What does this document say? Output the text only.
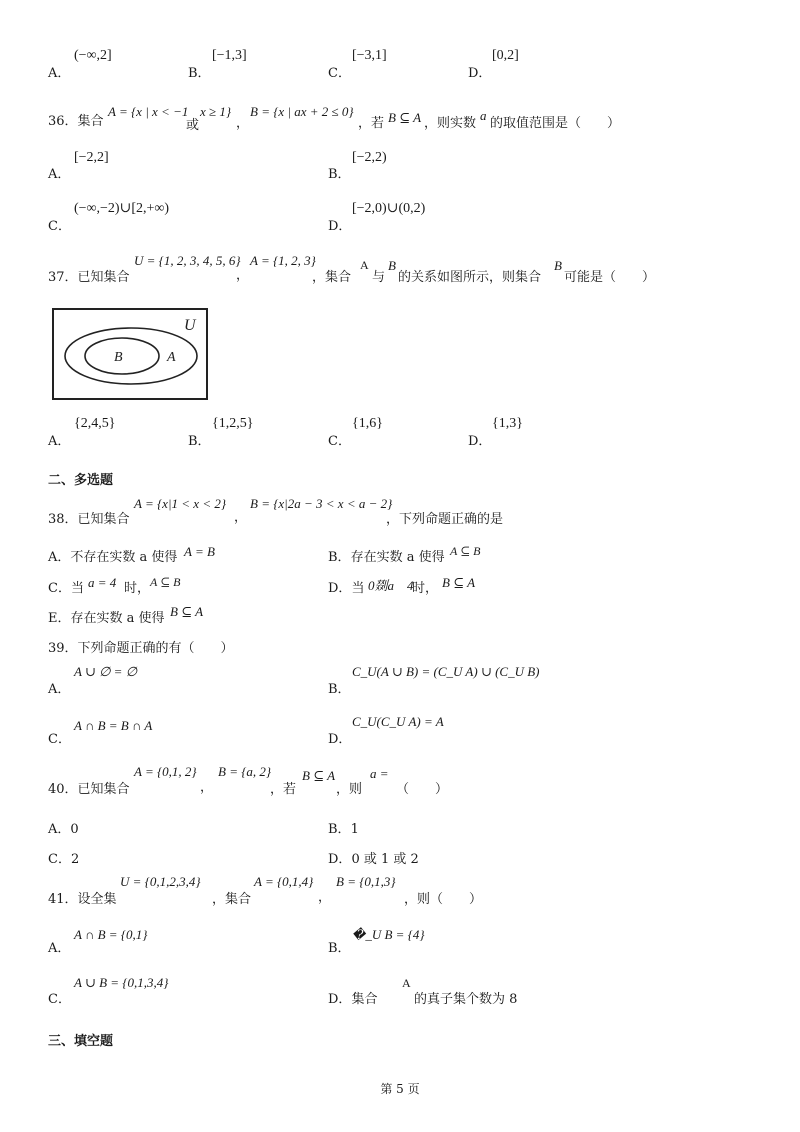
A．
(−∞,2]
B．
[−1,3]
C．
[−3,1]
D．
[0,2]
36．集合
A = {x | x < −1
或
x ≥ 1}
，
B = {x | ax + 2 ≤ 0}
，若 B ⊆ A ，则实数
a
的取值范围是（　　）
A．
[−2,2]
B．
[−2,2)
C．
(−∞,−2)∪[2,+∞)
D．
[−2,0)∪(0,2)
37．已知集合
U = {1, 2, 3, 4, 5, 6}
，
A = {1, 2, 3}
，集合
A
与
B
的关系如图所示，则集合
B
可能是（　　）
U
A
B
A．
{2,4,5}
B．
{1,2,5}
C．
{1,6}
D．
{1,3}
二、多选题
38．已知集合
A = {x|1 < x < 2}
，
B = {x|2a − 3 < x < a − 2}
，下列命题正确的是
A．不存在实数 a 使得 A = B	B．存在实数 a 使得 A ⊆ B
C．当 a = 4 时， A ⊆ B	D．当 0剟a　4
时， B ⊆ A
E．存在实数 a 使得 B ⊆ A
39．下列命题正确的有（　　）
A．
A ∪ ∅ = ∅
B．
C_U(A ∪ B) = (C_U A) ∪ (C_U B)
C．
A ∩ B = B ∩ A
D．
C_U(C_U A) = A
40．已知集合
A = {0,1, 2}
，
B = {a, 2}
，若
B ⊆ A
，则
a =
（　　）
A．0	B．1
C．2	D．0 或 1 或 2
41．设全集
U = {0,1,2,3,4}
，集合
A = {0,1,4}
，
B = {0,1,3}
，则（　　）
A．
A ∩ B = {0,1}
B．
�_U B = {4}
C．
A ∪ B = {0,1,3,4}
D．集合
A
的真子集个数为 8
三、填空题
第 5 页
